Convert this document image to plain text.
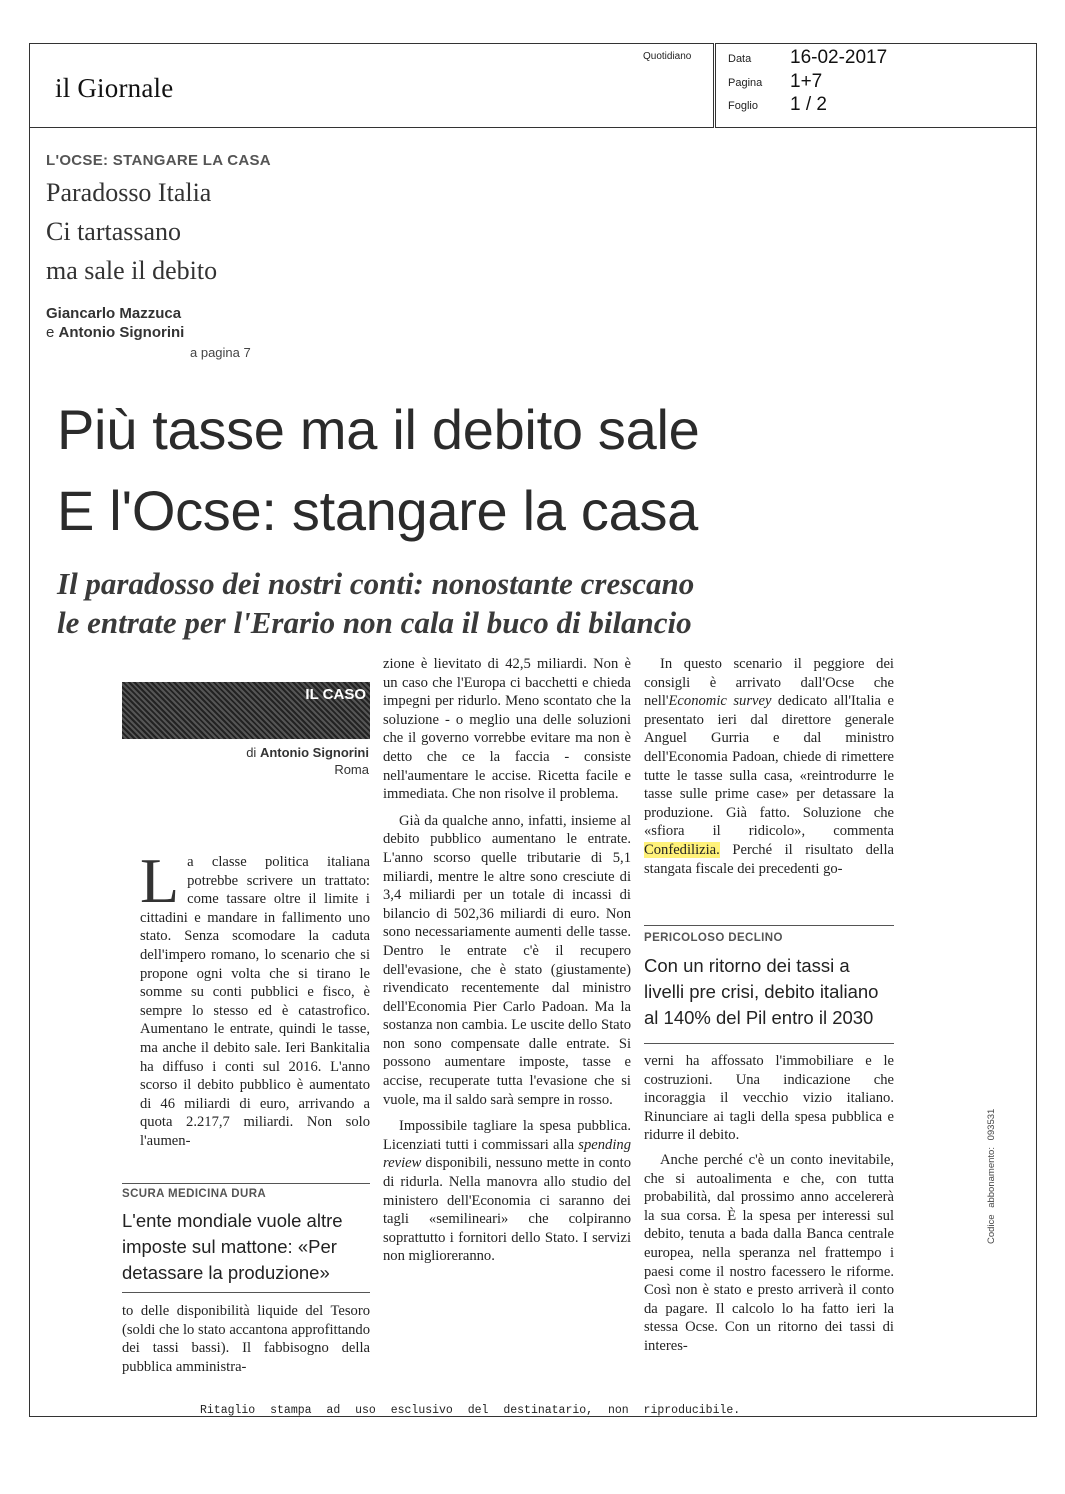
il Giornale
Quotidiano	Data 16-02-2017
Pagina 1+7
Foglio 1 / 2
L'OCSE: STANGARE LA CASA
Paradosso Italia
Ci tartassano
ma sale il debito
Giancarlo Mazzuca
e Antonio Signorini
a pagina 7
Più tasse ma il debito sale
E l'Ocse: stangare la casa
Il paradosso dei nostri conti: nonostante crescano
le entrate per l'Erario non cala il buco di bilancio
IL CASO
di Antonio Signorini
Roma

La classe politica italiana potrebbe scrivere un trattato: come tassare oltre il limite i cittadini e mandare in fallimento uno stato. Senza scomodare la caduta dell'impero romano, lo scenario che si propone ogni volta che si tirano le somme su conti pubblici e fisco, è sempre lo stesso ed è catastrofico. Aumentano le entrate, quindi le tasse, ma anche il debito sale. Ieri Bankitalia ha diffuso i conti sul 2016. L'anno scorso il debito pubblico è aumentato di 46 miliardi di euro, arrivando a quota 2.217,7 miliardi. Non solo l'aumen-

SCURA MEDICINA DURA
L'ente mondiale vuole altre imposte sul mattone: «Per detassare la produzione»

to delle disponibilità liquide del Tesoro (soldi che lo stato accantona approfittando dei tassi bassi). Il fabbisogno della pubblica amministra-

zione è lievitato di 42,5 miliardi. Non è un caso che l'Europa ci bacchetti e chieda impegni per ridurlo. Meno scontato che la soluzione - o meglio una delle soluzioni che il governo vorrebbe evitare ma non è detto che ce la faccia - consiste nell'aumentare le accise. Ricetta facile e immediata. Che non risolve il problema.

Già da qualche anno, infatti, insieme al debito pubblico aumentano le entrate. L'anno scorso quelle tributarie di 5,1 miliardi, mentre le altre sono cresciute di 3,4 miliardi per un totale di incassi di bilancio di 502,36 miliardi di euro. Non sono necessariamente aumenti delle tasse. Dentro le entrate c'è il recupero dell'evasione, che è stato (giustamente) rivendicato recentemente dal ministro dell'Economia Pier Carlo Padoan. Ma la sostanza non cambia. Le uscite dello Stato non sono compensate dalle entrate. Si possono aumentare imposte, tasse e accise, recuperate tutta l'evasione che si vuole, ma il saldo sarà sempre in rosso.

Impossibile tagliare la spesa pubblica. Licenziati tutti i commissari alla spending review disponibili, nessuno mette in conto di ridurla. Nella manovra allo studio del ministero dell'Economia ci saranno dei tagli «semilineari» che colpiranno soprattutto i fornitori dello Stato. I servizi non miglioreranno.

In questo scenario il peggiore dei consigli è arrivato dall'Ocse che nell'Economic survey dedicato all'Italia e presentato ieri dal direttore generale Anguel Gurria e dal ministro dell'Economia Padoan, chiede di rimettere tutte le tasse sulla casa, «reintrodurre le tasse sulle prime case» per detassare la produzione. Già fatto. Soluzione che «sfiora il ridicolo», commenta Confedilizia. Perché il risultato della stangata fiscale dei precedenti go-

PERICOLOSO DECLINO
Con un ritorno dei tassi a livelli pre crisi, debito italiano al 140% del Pil entro il 2030

verni ha affossato l'immobiliare e le costruzioni. Una indicazione che incoraggia il vecchio vizio italiano. Rinunciare ai tagli della spesa pubblica e ridurre il debito.

Anche perché c'è un conto inevitabile, che si autoalimenta e che, con tutta probabilità, dal prossimo anno accelererà la sua corsa. È la spesa per interessi sul debito, tenuta a bada dalla Banca centrale europea, nella speranza nel frattempo i paesi come il nostro facessero le riforme. Così non è stato e presto arriverà il conto da pagare. Il calcolo lo ha fatto ieri la stessa Ocse. Con un ritorno dei tassi di interes-

Ritaglio stampa ad uso esclusivo del destinatario, non riproducibile.
Codice abbonamento: 093531
